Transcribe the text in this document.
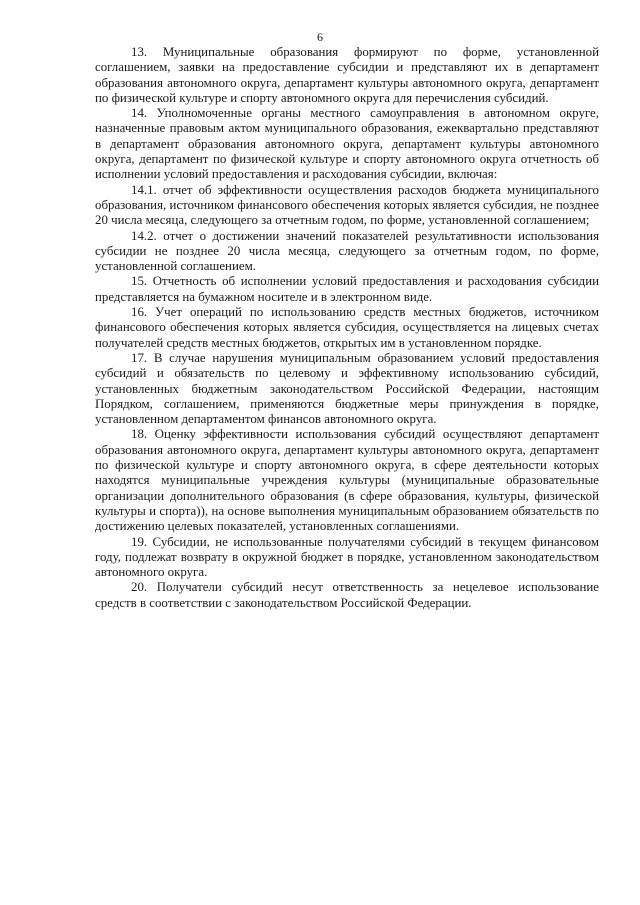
6

13. Муниципальные образования формируют по форме, установленной соглашением, заявки на предоставление субсидии и представляют их в департамент образования автономного округа, департамент культуры автономного округа, департамент по физической культуре и спорту автономного округа для перечисления субсидий.

14. Уполномоченные органы местного самоуправления в автономном округе, назначенные правовым актом муниципального образования, ежеквартально представляют в департамент образования автономного округа, департамент культуры автономного округа, департамент по физической культуре и спорту автономного округа отчетность об исполнении условий предоставления и расходования субсидии, включая:

14.1. отчет об эффективности осуществления расходов бюджета муниципального образования, источником финансового обеспечения которых является субсидия, не позднее 20 числа месяца, следующего за отчетным годом, по форме, установленной соглашением;

14.2. отчет о достижении значений показателей результативности использования субсидии не позднее 20 числа месяца, следующего за отчетным годом, по форме, установленной соглашением.

15. Отчетность об исполнении условий предоставления и расходования субсидии представляется на бумажном носителе и в электронном виде.

16. Учет операций по использованию средств местных бюджетов, источником финансового обеспечения которых является субсидия, осуществляется на лицевых счетах получателей средств местных бюджетов, открытых им в установленном порядке.

17. В случае нарушения муниципальным образованием условий предоставления субсидий и обязательств по целевому и эффективному использованию субсидий, установленных бюджетным законодательством Российской Федерации, настоящим Порядком, соглашением, применяются бюджетные меры принуждения в порядке, установленном департаментом финансов автономного округа.

18. Оценку эффективности использования субсидий осуществляют департамент образования автономного округа, департамент культуры автономного округа, департамент по физической культуре и спорту автономного округа, в сфере деятельности которых находятся муниципальные учреждения культуры (муниципальные образовательные организации дополнительного образования (в сфере образования, культуры, физической культуры и спорта)), на основе выполнения муниципальным образованием обязательств по достижению целевых показателей, установленных соглашениями.

19. Субсидии, не использованные получателями субсидий в текущем финансовом году, подлежат возврату в окружной бюджет в порядке, установленном законодательством автономного округа.

20. Получатели субсидий несут ответственность за нецелевое использование средств в соответствии с законодательством Российской Федерации.
